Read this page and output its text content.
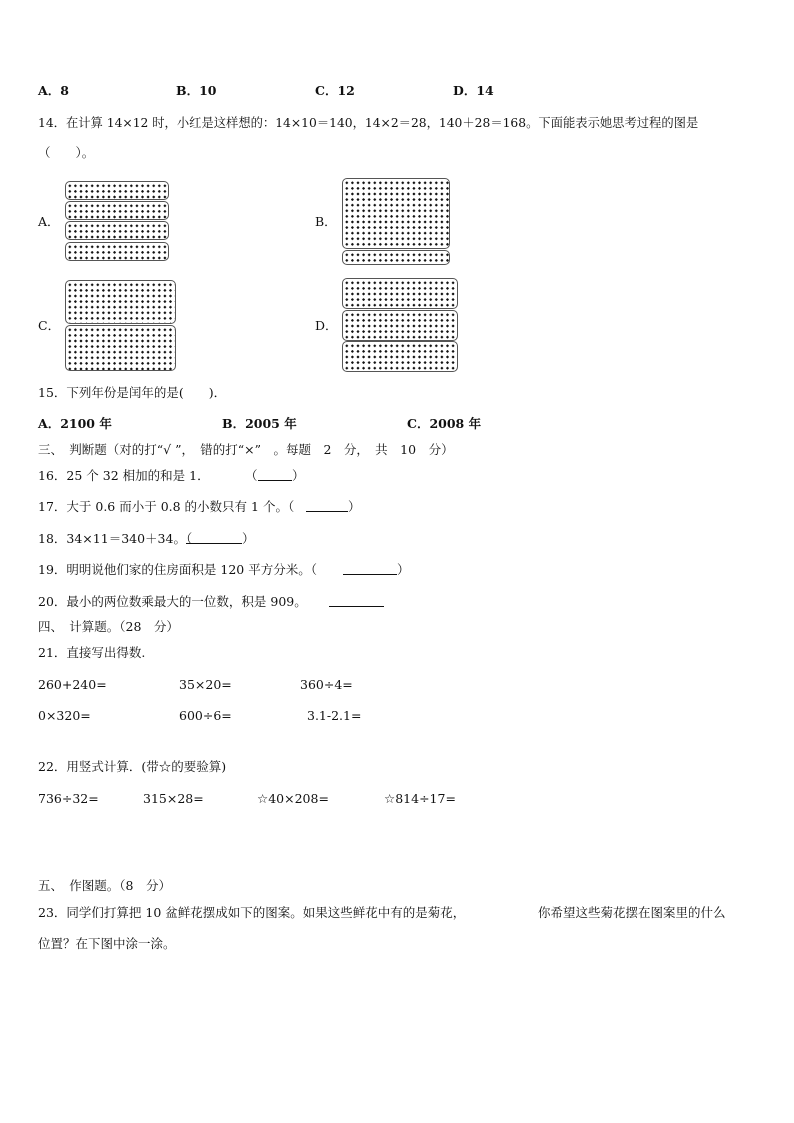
A．8	B．10	C．12	D．14
14．在计算 14×12 时，小红是这样想的：14×10＝140，14×2＝28，140＋28＝168。下面能表示她思考过程的图是
（　　）。
A．	B．
C．	D．
15．下列年份是闰年的是(　　)．
A．2100 年	B．2005 年	C．2008 年
三、　判断题（对的打“√ ”，　错的打“×”　。每题　2　分，　共　10　分）
16．25 个 32 相加的和是 1．	（	）
17．大于 0.6 而小于 0.8 的小数只有 1 个。（	）
18．34×11＝340＋34。（	）
19．明明说他们家的住房面积是 120 平方分米。（	）
20．最小的两位数乘最大的一位数，积是 909。
四、　计算题。（28　分）
21．直接写出得数.
260+240=	35×20=	360÷4=
0×320=	600÷6=	3.1-2.1=
22．用竖式计算．(带☆的要验算)
736÷32=	315×28=	☆40×208=	☆814÷17=
五、　作图题。（8　分）
23．同学们打算把 10 盆鲜花摆成如下的图案。如果这些鲜花中有的是菊花，	你希望这些菊花摆在图案里的什么
位置？在下图中涂一涂。
